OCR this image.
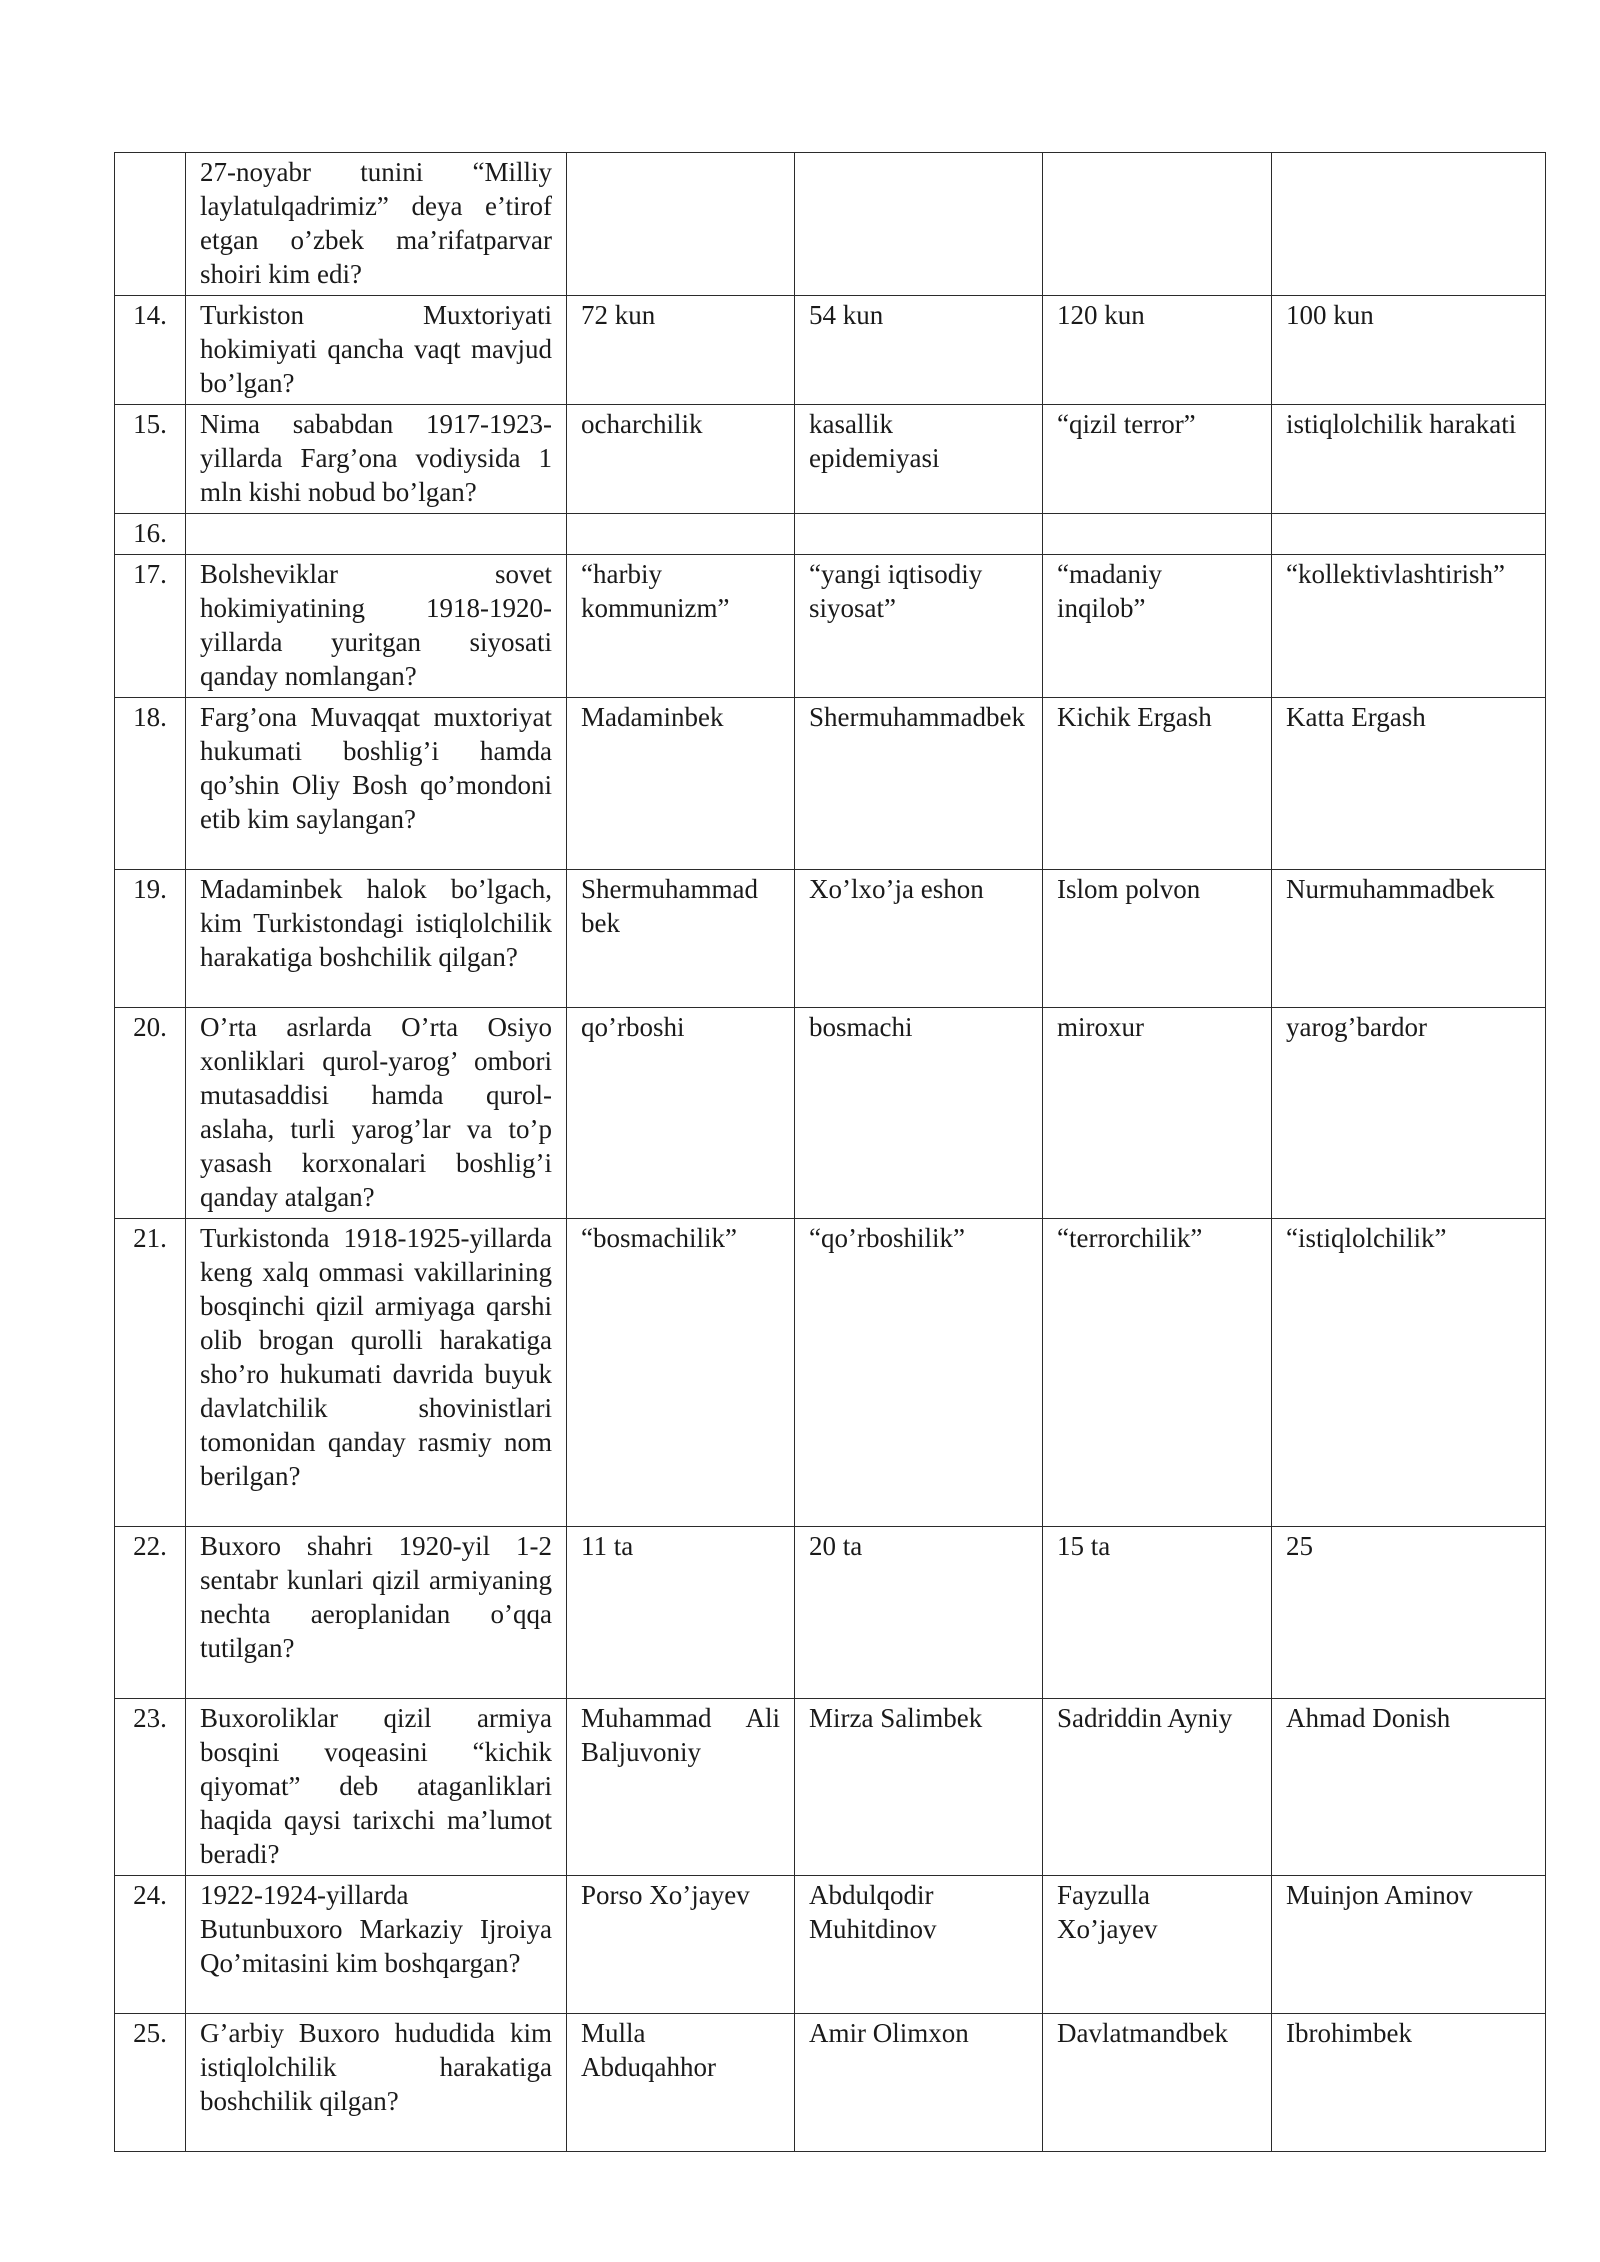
	27-noyabr tunini “Milliy laylatulqadrimiz” deya e’tirof etgan o’zbek ma’rifatparvar shoiri kim edi?				
14.	Turkiston Muxtoriyati hokimiyati qancha vaqt mavjud bo’lgan?	72 kun	54 kun	120 kun	100 kun
15.	Nima sababdan 1917-1923-yillarda Farg’ona vodiysida 1 mln kishi nobud bo’lgan?	ocharchilik	kasallik epidemiyasi	“qizil terror”	istiqlolchilik harakati
16.					
17.	Bolsheviklar sovet hokimiyatining 1918-1920-yillarda yuritgan siyosati qanday nomlangan?	“harbiy kommunizm”	“yangi iqtisodiy siyosat”	“madaniy inqilob”	“kollektivlashtirish”
18.	Farg’ona Muvaqqat muxtoriyat hukumati boshlig’i hamda qo’shin Oliy Bosh qo’mondoni etib kim saylangan?	Madaminbek	Shermuhammadbek	Kichik Ergash	Katta Ergash
19.	Madaminbek halok bo’lgach, kim Turkistondagi istiqlolchilik harakatiga boshchilik qilgan?	Shermuhammad bek	Xo’lxo’ja eshon	Islom polvon	Nurmuhammadbek
20.	O’rta asrlarda O’rta Osiyo xonliklari qurol-yarog’ ombori mutasaddisi hamda qurol-aslaha, turli yarog’lar va to’p yasash korxonalari boshlig’i qanday atalgan?	qo’rboshi	bosmachi	miroxur	yarog’bardor
21.	Turkistonda 1918-1925-yillarda keng xalq ommasi vakillarining bosqinchi qizil armiyaga qarshi olib brogan qurolli harakatiga sho’ro hukumati davrida buyuk davlatchilik shovinistlari tomonidan qanday rasmiy nom berilgan?	“bosmachilik”	“qo’rboshilik”	“terrorchilik”	“istiqlolchilik”
22.	Buxoro shahri 1920-yil 1-2 sentabr kunlari qizil armiyaning nechta aeroplanidan o’qqa tutilgan?	11 ta	20 ta	15 ta	25
23.	Buxoroliklar qizil armiya bosqini voqeasini “kichik qiyomat” deb ataganliklari haqida qaysi tarixchi ma’lumot beradi?	Muhammad Ali Baljuvoniy	Mirza Salimbek	Sadriddin Ayniy	Ahmad Donish
24.	1922-1924-yillarda Butunbuxoro Markaziy Ijroiya Qo’mitasini kim boshqargan?	Porso Xo’jayev	Abdulqodir Muhitdinov	Fayzulla Xo’jayev	Muinjon Aminov
25.	G’arbiy Buxoro hududida kim istiqlolchilik harakatiga boshchilik qilgan?	Mulla Abduqahhor	Amir Olimxon	Davlatmandbek	Ibrohimbek
